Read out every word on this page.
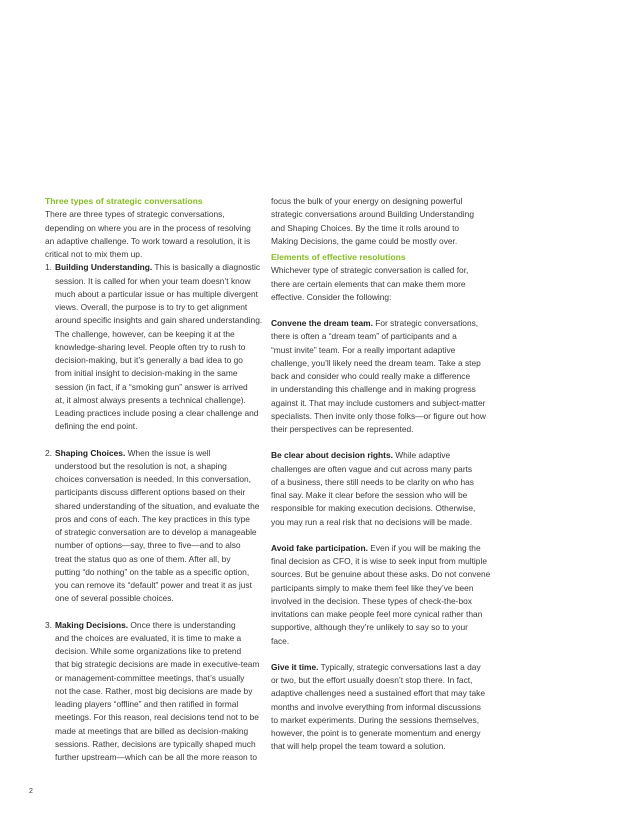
Three types of strategic conversations
There are three types of strategic conversations,
depending on where you are in the process of resolving
an adaptive challenge. To work toward a resolution, it is
critical not to mix them up.
1. Building Understanding. This is basically a diagnostic
session. It is called for when your team doesn’t know
much about a particular issue or has multiple divergent
views. Overall, the purpose is to try to get alignment
around specific insights and gain shared understanding.
The challenge, however, can be keeping it at the
knowledge-sharing level. People often try to rush to
decision-making, but it’s generally a bad idea to go
from initial insight to decision-making in the same
session (in fact, if a “smoking gun” answer is arrived
at, it almost always presents a technical challenge).
Leading practices include posing a clear challenge and
defining the end point.
2. Shaping Choices. When the issue is well
understood but the resolution is not, a shaping
choices conversation is needed. In this conversation,
participants discuss different options based on their
shared understanding of the situation, and evaluate the
pros and cons of each. The key practices in this type
of strategic conversation are to develop a manageable
number of options—say, three to five—and to also
treat the status quo as one of them. After all, by
putting “do nothing” on the table as a specific option,
you can remove its “default” power and treat it as just
one of several possible choices.
3. Making Decisions. Once there is understanding
and the choices are evaluated, it is time to make a
decision. While some organizations like to pretend
that big strategic decisions are made in executive-team
or management-committee meetings, that’s usually
not the case. Rather, most big decisions are made by
leading players “offline” and then ratified in formal
meetings. For this reason, real decisions tend not to be
made at meetings that are billed as decision-making
sessions. Rather, decisions are typically shaped much
further upstream—which can be all the more reason to
focus the bulk of your energy on designing powerful
strategic conversations around Building Understanding
and Shaping Choices. By the time it rolls around to
Making Decisions, the game could be mostly over.
Elements of effective resolutions
Whichever type of strategic conversation is called for,
there are certain elements that can make them more
effective. Consider the following:
Convene the dream team. For strategic conversations,
there is often a “dream team” of participants and a
“must invite” team. For a really important adaptive
challenge, you’ll likely need the dream team. Take a step
back and consider who could really make a difference
in understanding this challenge and in making progress
against it. That may include customers and subject-matter
specialists. Then invite only those folks—or figure out how
their perspectives can be represented.
Be clear about decision rights. While adaptive
challenges are often vague and cut across many parts
of a business, there still needs to be clarity on who has
final say. Make it clear before the session who will be
responsible for making execution decisions. Otherwise,
you may run a real risk that no decisions will be made.
Avoid fake participation. Even if you will be making the
final decision as CFO, it is wise to seek input from multiple
sources. But be genuine about these asks. Do not convene
participants simply to make them feel like they’ve been
involved in the decision. These types of check-the-box
invitations can make people feel more cynical rather than
supportive, although they’re unlikely to say so to your
face.
Give it time. Typically, strategic conversations last a day
or two, but the effort usually doesn’t stop there. In fact,
adaptive challenges need a sustained effort that may take
months and involve everything from informal discussions
to market experiments. During the sessions themselves,
however, the point is to generate momentum and energy
that will help propel the team toward a solution.
2
